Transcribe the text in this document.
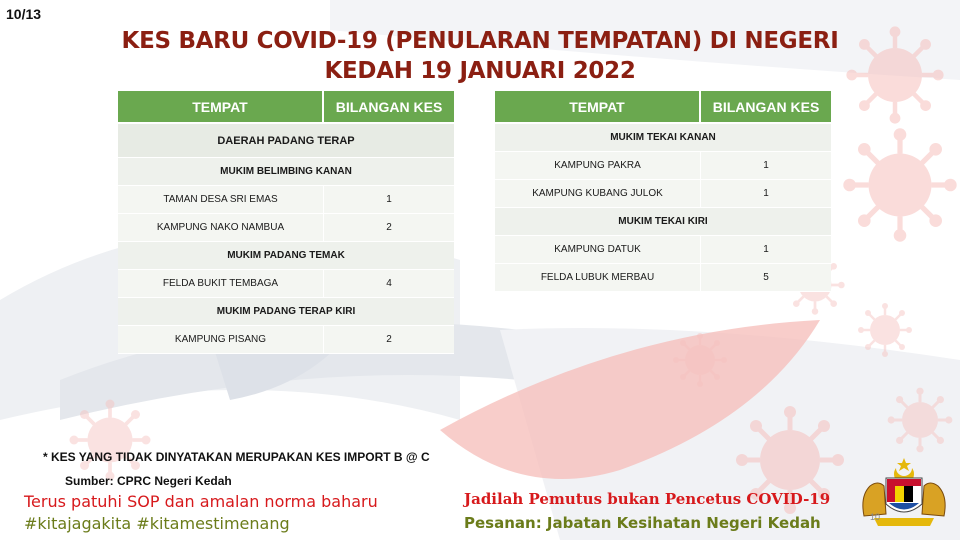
10/13
KES BARU COVID-19 (PENULARAN TEMPATAN) DI NEGERI
KEDAH 19 JANUARI 2022
TEMPAT	BILANGAN KES
DAERAH PADANG TERAP	
MUKIM BELIMBING KANAN	
TAMAN DESA SRI EMAS	1
KAMPUNG NAKO NAMBUA	2
MUKIM PADANG TEMAK	
FELDA BUKIT TEMBAGA	4
MUKIM PADANG TERAP KIRI	
KAMPUNG PISANG	2
TEMPAT	BILANGAN KES
MUKIM TEKAI KANAN	
KAMPUNG PAKRA	1
KAMPUNG KUBANG JULOK	1
MUKIM TEKAI KIRI	
KAMPUNG DATUK	1
FELDA LUBUK MERBAU	5
* KES YANG TIDAK DINYATAKAN MERUPAKAN KES IMPORT B @ C
Sumber: CPRC Negeri Kedah
Terus patuhi SOP dan amalan norma baharu
#kitajagakita #kitamestimenang
Jadilah Pemutus bukan Pencetus COVID-19
Pesanan: Jabatan Kesihatan Negeri Kedah	10
